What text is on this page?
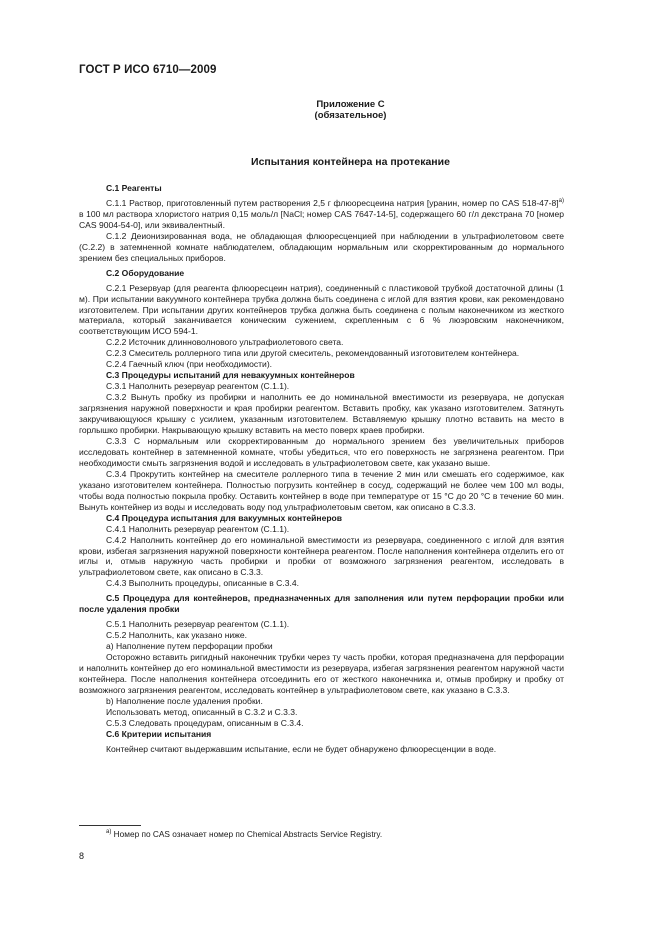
ГОСТ Р ИСО 6710—2009
Приложение С
(обязательное)
Испытания контейнера на протекание

С.1 Реагенты

С.1.1 Раствор, приготовленный путем растворения 2,5 г флюоресцеина натрия [уранин, номер по CAS 518-47-8]$^{а)}$ в 100 мл раствора хлористого натрия 0,15 моль/л [NaCl; номер CAS 7647-14-5], содержащего 60 г/л декстрана 70 [номер CAS 9004-54-0], или эквивалентный.

С.1.2 Деионизированная вода, не обладающая флюоресценцией при наблюдении в ультрафиолетовом свете (С.2.2) в затемненной комнате наблюдателем, обладающим нормальным или скорректированным до нормального зрением без специальных приборов.

С.2 Оборудование

С.2.1 Резервуар (для реагента флюоресцеин натрия), соединенный с пластиковой трубкой достаточной длины (1 м). При испытании вакуумного контейнера трубка должна быть соединена с иглой для взятия крови, как рекомендовано изготовителем. При испытании других контейнеров трубка должна быть соединена с полым наконечником из жесткого материала, который заканчивается коническим сужением, скрепленным с 6 % люэровским наконечником, соответствующим ИСО 594-1.

С.2.2 Источник длинноволнового ультрафиолетового света.

С.2.3 Смеситель роллерного типа или другой смеситель, рекомендованный изготовителем контейнера.

С.2.4 Гаечный ключ (при необходимости).

С.3 Процедуры испытаний для невакуумных контейнеров

С.3.1 Наполнить резервуар реагентом (С.1.1).

С.3.2 Вынуть пробку из пробирки и наполнить ее до номинальной вместимости из резервуара, не допуская загрязнения наружной поверхности и края пробирки реагентом. Вставить пробку, как указано изготовителем. Затянуть закручивающуюся крышку с усилием, указанным изготовителем. Вставляемую крышку плотно вставить на место в горлышко пробирки. Накрывающую крышку вставить на место поверх краев пробирки.

С.3.3 С нормальным или скорректированным до нормального зрением без увеличительных приборов исследовать контейнер в затемненной комнате, чтобы убедиться, что его поверхность не загрязнена реагентом. При необходимости смыть загрязнения водой и исследовать в ультрафиолетовом свете, как указано выше.

С.3.4 Прокрутить контейнер на смесителе роллерного типа в течение 2 мин или смешать его содержимое, как указано изготовителем контейнера. Полностью погрузить контейнер в сосуд, содержащий не более чем 100 мл воды, чтобы вода полностью покрыла пробку. Оставить контейнер в воде при температуре от 15 °С до 20 °С в течение 60 мин. Вынуть контейнер из воды и исследовать воду под ультрафиолетовым светом, как описано в С.3.3.

С.4 Процедура испытания для вакуумных контейнеров

С.4.1 Наполнить резервуар реагентом (С.1.1).

С.4.2 Наполнить контейнер до его номинальной вместимости из резервуара, соединенного с иглой для взятия крови, избегая загрязнения наружной поверхности контейнера реагентом. После наполнения контейнера отделить его от иглы и, отмыв наружную часть пробирки и пробки от возможного загрязнения реагентом, исследовать в ультрафиолетовом свете, как описано в С.3.3.

С.4.3 Выполнить процедуры, описанные в С.3.4.

С.5 Процедура для контейнеров, предназначенных для заполнения или путем перфорации пробки или после удаления пробки

С.5.1 Наполнить резервуар реагентом (С.1.1).

С.5.2 Наполнить, как указано ниже.

а) Наполнение путем перфорации пробки

Осторожно вставить ригидный наконечник трубки через ту часть пробки, которая предназначена для перфорации и наполнить контейнер до его номинальной вместимости из резервуара, избегая загрязнения реагентом наружной части контейнера. После наполнения контейнера отсоединить его от жесткого наконечника и, отмыв пробирку и пробку от возможного загрязнения реагентом, исследовать контейнер в ультрафиолетовом свете, как указано в С.3.3.

b) Наполнение после удаления пробки.

Использовать метод, описанный в С.3.2 и С.3.3.

С.5.3 Следовать процедурам, описанным в С.3.4.

С.6 Критерии испытания

Контейнер считают выдержавшим испытание, если не будет обнаружено флюоресценции в воде.

$^{а)}$ Номер по CAS означает номер по Chemical Abstracts Service Registry.
8
